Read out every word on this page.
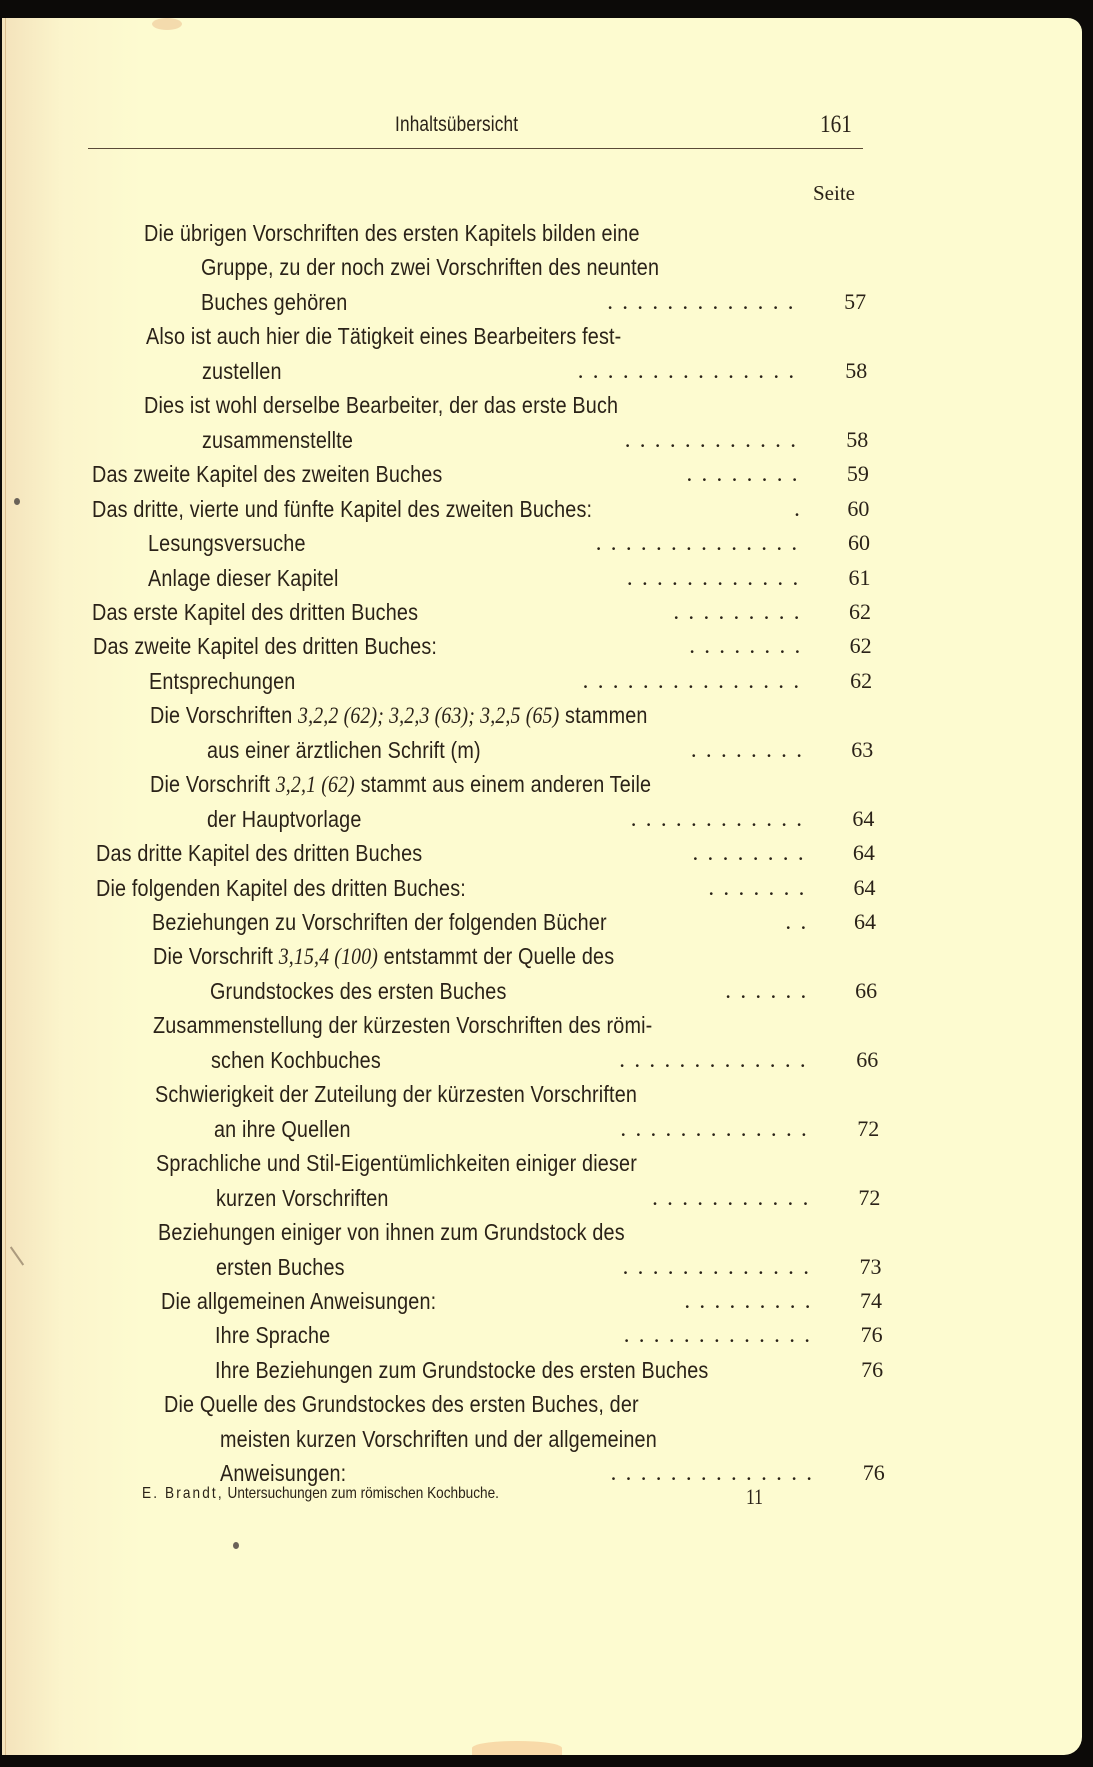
Inhaltsübersicht	161
Seite
Die übrigen Vorschriften des ersten Kapitels bilden eine
Gruppe, zu der noch zwei Vorschriften des neunten
Buches gehören	............. 57
Also ist auch hier die Tätigkeit eines Bearbeiters fest-
zustellen	............... 58
Dies ist wohl derselbe Bearbeiter, der das erste Buch
zusammenstellte	............ 58
Das zweite Kapitel des zweiten Buches	........ 59
Das dritte, vierte und fünfte Kapitel des zweiten Buches:	. 60
Lesungsversuche	.............. 60
Anlage dieser Kapitel	............ 61
Das erste Kapitel des dritten Buches	......... 62
Das zweite Kapitel des dritten Buches:	........ 62
Entsprechungen	............... 62
Die Vorschriften 3,2,2 (62); 3,2,3 (63); 3,2,5 (65) stammen
aus einer ärztlichen Schrift (m)	........ 63
Die Vorschrift 3,2,1 (62) stammt aus einem anderen Teile
der Hauptvorlage	............ 64
Das dritte Kapitel des dritten Buches	........ 64
Die folgenden Kapitel des dritten Buches:	....... 64
Beziehungen zu Vorschriften der folgenden Bücher	.. 64
Die Vorschrift 3,15,4 (100) entstammt der Quelle des
Grundstockes des ersten Buches	...... 66
Zusammenstellung der kürzesten Vorschriften des römi-
schen Kochbuches	............. 66
Schwierigkeit der Zuteilung der kürzesten Vorschriften
an ihre Quellen	............. 72
Sprachliche und Stil-Eigentümlichkeiten einiger dieser
kurzen Vorschriften	........... 72
Beziehungen einiger von ihnen zum Grundstock des
ersten Buches	............. 73
Die allgemeinen Anweisungen:	......... 74
Ihre Sprache	............. 76
Ihre Beziehungen zum Grundstocke des ersten Buches	76
Die Quelle des Grundstockes des ersten Buches, der
meisten kurzen Vorschriften und der allgemeinen
Anweisungen:	.............. 76
E. Brandt, Untersuchungen zum römischen Kochbuche.	11
